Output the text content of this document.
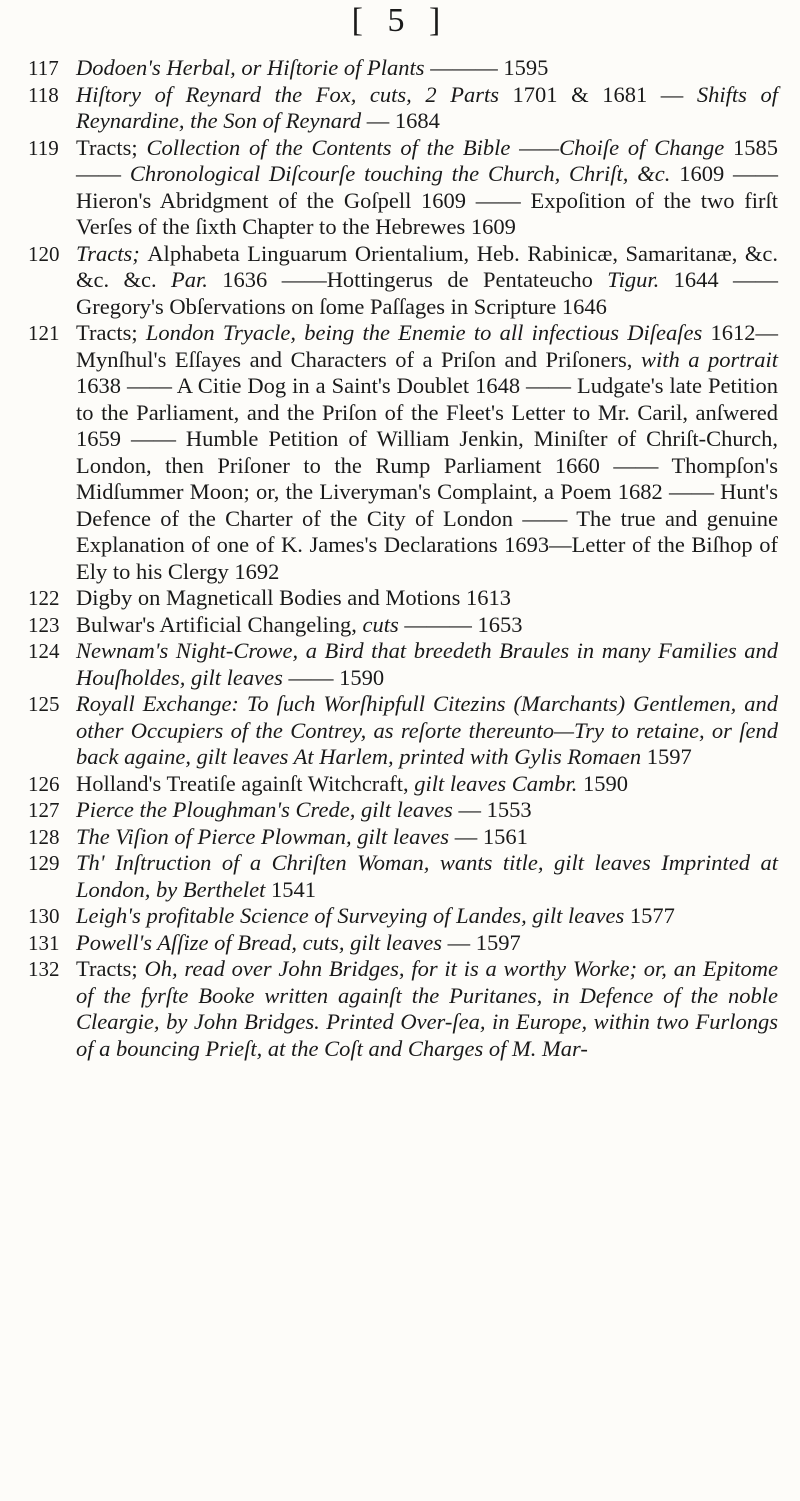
[ 5 ]

117 Dodoen's Herbal, or Hiſtorie of Plants ——— 1595

118 Hiſtory of Reynard the Fox, cuts, 2 Parts 1701 & 1681 — Shifts of Reynardine, the Son of Reynard — 1684

119 Tracts; Collection of the Contents of the Bible ——Choiſe of Change 1585 —— Chronological Diſcourſe touching the Church, Chriſt, &c. 1609 —— Hieron's Abridgment of the Goſpell 1609 —— Expoſition of the two firſt Verſes of the ſixth Chapter to the Hebrewes 1609

120 Tracts; Alphabeta Linguarum Orientalium, Heb. Rabinicæ, Samaritanæ, &c. &c. &c. Par. 1636 ——Hottingerus de Pentateucho Tigur. 1644 —— Gregory's Obſervations on ſome Paſſages in Scripture 1646

121 Tracts; London Tryacle, being the Enemie to all infectious Diſeaſes 1612—Mynſhul's Eſſayes and Characters of a Priſon and Priſoners, with a portrait 1638 —— A Citie Dog in a Saint's Doublet 1648 —— Ludgate's late Petition to the Parliament, and the Priſon of the Fleet's Letter to Mr. Caril, anſwered 1659 —— Humble Petition of William Jenkin, Miniſter of Chriſt-Church, London, then Priſoner to the Rump Parliament 1660 —— Thompſon's Midſummer Moon; or, the Liveryman's Complaint, a Poem 1682 —— Hunt's Defence of the Charter of the City of London —— The true and genuine Explanation of one of K. James's Declarations 1693—Letter of the Biſhop of Ely to his Clergy 1692

122 Digby on Magneticall Bodies and Motions 1613

123 Bulwar's Artificial Changeling, cuts ——— 1653

124 Newnam's Night-Crowe, a Bird that breedeth Braules in many Families and Houſholdes, gilt leaves —— 1590

125 Royall Exchange: To ſuch Worſhipfull Citezins (Marchants) Gentlemen, and other Occupiers of the Contrey, as reſorte thereunto—Try to retaine, or ſend back againe, gilt leaves At Harlem, printed with Gylis Romaen 1597

126 Holland's Treatiſe againſt Witchcraft, gilt leaves Cambr. 1590

127 Pierce the Ploughman's Crede, gilt leaves — 1553

128 The Viſion of Pierce Plowman, gilt leaves — 1561

129 Th' Inſtruction of a Chriſten Woman, wants title, gilt leaves Imprinted at London, by Berthelet 1541

130 Leigh's profitable Science of Surveying of Landes, gilt leaves 1577

131 Powell's Aſſize of Bread, cuts, gilt leaves — 1597

132 Tracts; Oh, read over John Bridges, for it is a worthy Worke; or, an Epitome of the fyrſte Booke written againſt the Puritanes, in Defence of the noble Cleargie, by John Bridges. Printed Over-ſea, in Europe, within two Furlongs of a bouncing Prieſt, at the Coſt and Charges of M. Mar-
